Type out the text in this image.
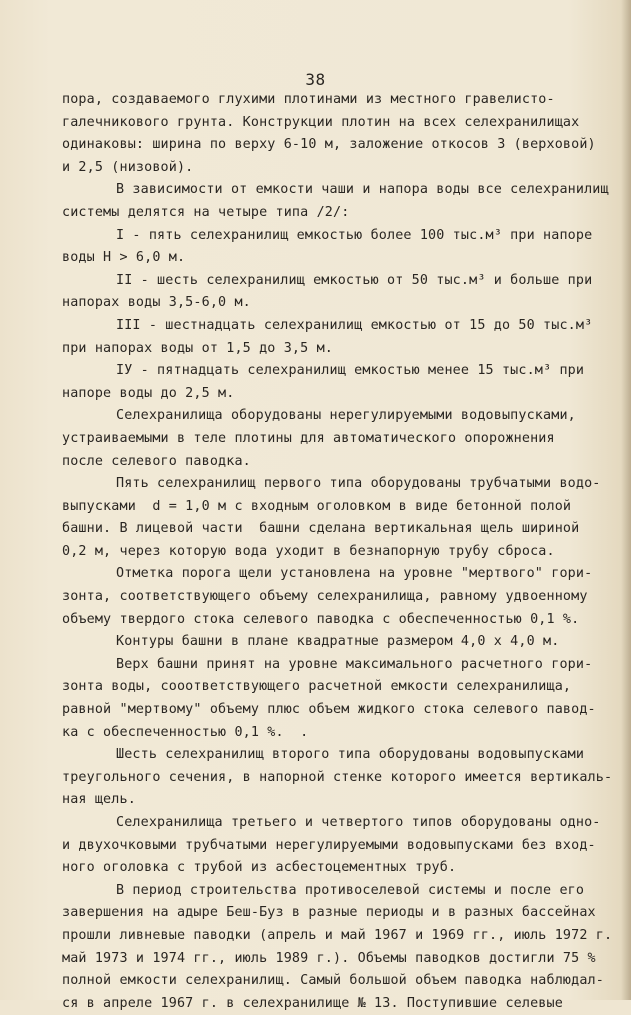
38
пора, создаваемого глухими плотинами из местного гравелисто-
галечникового грунта. Конструкции плотин на всех селехранилищах
одинаковы: ширина по верху 6-10 м, заложение откосов 3 (верховой)
и 2,5 (низовой).
В зависимости от емкости чаши и напора воды все селехранилищ
системы делятся на четыре типа /2/:
I - пять селехранилищ емкостью более 100 тыс.м³ при напоре
воды H > 6,0 м.
II - шесть селехранилищ емкостью от 50 тыс.м³ и больше при
напорах воды 3,5-6,0 м.
III - шестнадцать селехранилищ емкостью от 15 до 50 тыс.м³
при напорах воды от 1,5 до 3,5 м.
IУ - пятнадцать селехранилищ емкостью менее 15 тыс.м³ при
напоре воды до 2,5 м.
Селехранилища оборудованы нерегулируемыми водовыпусками,
устраиваемыми в теле плотины для автоматического опорожнения
после селевого паводка.
Пять селехранилищ первого типа оборудованы трубчатыми водо-
выпусками  d = 1,0 м с входным оголовком в виде бетонной полой
башни. В лицевой части  башни сделана вертикальная щель шириной
0,2 м, через которую вода уходит в безнапорную трубу сброса.
Отметка порога щели установлена на уровне "мертвого" гори-
зонта, соответствующего объему селехранилища, равному удвоенному
объему твердого стока селевого паводка с обеспеченностью 0,1 %.
Контуры башни в плане квадратные размером 4,0 х 4,0 м.
Верх башни принят на уровне максимального расчетного гори-
зонта воды, сооответствующего расчетной емкости селехранилища,
равной "мертвому" объему плюс объем жидкого стока селевого павод-
ка с обеспеченностью 0,1 %.  .
Шесть селехранилищ второго типа оборудованы водовыпусками
треугольного сечения, в напорной стенке которого имеется вертикаль-
ная щель.
Селехранилища третьего и четвертого типов оборудованы одно-
и двухочковыми трубчатыми нерегулируемыми водовыпусками без вход-
ного оголовка с трубой из асбестоцементных труб.
В период строительства противоселевой системы и после его
завершения на адыре Беш-Буз в разные периоды и в разных бассейнах
прошли ливневые паводки (апрель и май 1967 и 1969 гг., июль 1972 г.
май 1973 и 1974 гг., июль 1989 г.). Объемы паводков достигли 75 %
полной емкости селехранилищ. Самый большой объем паводка наблюдал-
ся в апреле 1967 г. в селехранилище № 13. Поступившие селевые
